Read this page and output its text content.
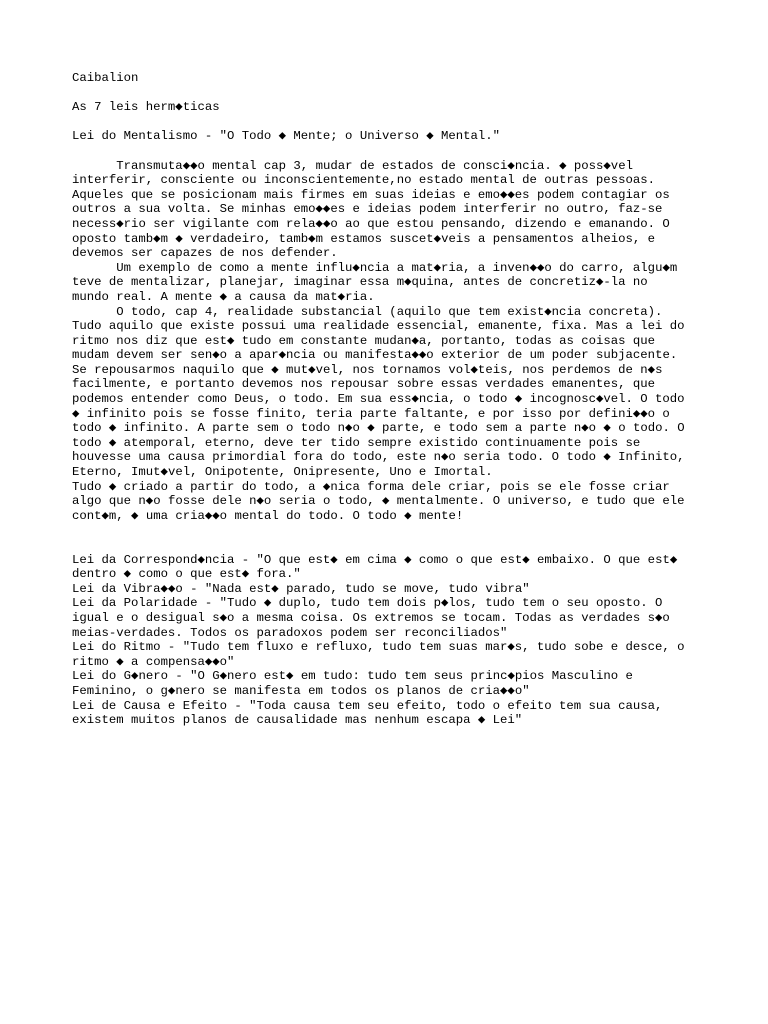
Caibalion
As 7 leis herm◆ticas
Lei do Mentalismo - "O Todo ◆ Mente; o Universo ◆ Mental."
Transmuta◆◆o mental cap 3, mudar de estados de consci◆ncia. ◆ poss◆vel
interferir, consciente ou inconscientemente,no estado mental de outras pessoas.
Aqueles que se posicionam mais firmes em suas ideias e emo◆◆es podem contagiar os
outros a sua volta. Se minhas emo◆◆es e ideias podem interferir no outro, faz-se
necess◆rio ser vigilante com rela◆◆o ao que estou pensando, dizendo e emanando. O
oposto tamb◆m ◆ verdadeiro, tamb◆m estamos suscet◆veis a pensamentos alheios, e
devemos ser capazes de nos defender.
Um exemplo de como a mente influ◆ncia a mat◆ria, a inven◆◆o do carro, algu◆m
teve de mentalizar, planejar, imaginar essa m◆quina, antes de concretiz◆-la no
mundo real. A mente ◆ a causa da mat◆ria.
O todo, cap 4, realidade substancial (aquilo que tem exist◆ncia concreta).
Tudo aquilo que existe possui uma realidade essencial, emanente, fixa. Mas a lei do
ritmo nos diz que est◆ tudo em constante mudan◆a, portanto, todas as coisas que
mudam devem ser sen◆o a apar◆ncia ou manifesta◆◆o exterior de um poder subjacente.
Se repousarmos naquilo que ◆ mut◆vel, nos tornamos vol◆teis, nos perdemos de n◆s
facilmente, e portanto devemos nos repousar sobre essas verdades emanentes, que
podemos entender como Deus, o todo. Em sua ess◆ncia, o todo ◆ incognosc◆vel. O todo
◆ infinito pois se fosse finito, teria parte faltante, e por isso por defini◆◆o o
todo ◆ infinito. A parte sem o todo n◆o ◆ parte, e todo sem a parte n◆o ◆ o todo. O
todo ◆ atemporal, eterno, deve ter tido sempre existido continuamente pois se
houvesse uma causa primordial fora do todo, este n◆o seria todo. O todo ◆ Infinito,
Eterno, Imut◆vel, Onipotente, Onipresente, Uno e Imortal.
Tudo ◆ criado a partir do todo, a ◆nica forma dele criar, pois se ele fosse criar
algo que n◆o fosse dele n◆o seria o todo, ◆ mentalmente. O universo, e tudo que ele
cont◆m, ◆ uma cria◆◆o mental do todo. O todo ◆ mente!
Lei da Correspond◆ncia - "O que est◆ em cima ◆ como o que est◆ embaixo. O que est◆
dentro ◆ como o que est◆ fora."
Lei da Vibra◆◆o - "Nada est◆ parado, tudo se move, tudo vibra"
Lei da Polaridade - "Tudo ◆ duplo, tudo tem dois p◆los, tudo tem o seu oposto. O
igual e o desigual s◆o a mesma coisa. Os extremos se tocam. Todas as verdades s◆o
meias-verdades. Todos os paradoxos podem ser reconciliados"
Lei do Ritmo - "Tudo tem fluxo e refluxo, tudo tem suas mar◆s, tudo sobe e desce, o
ritmo ◆ a compensa◆◆o"
Lei do G◆nero - "O G◆nero est◆ em tudo: tudo tem seus princ◆pios Masculino e
Feminino, o g◆nero se manifesta em todos os planos de cria◆◆o"
Lei de Causa e Efeito - "Toda causa tem seu efeito, todo o efeito tem sua causa,
existem muitos planos de causalidade mas nenhum escapa ◆ Lei"
